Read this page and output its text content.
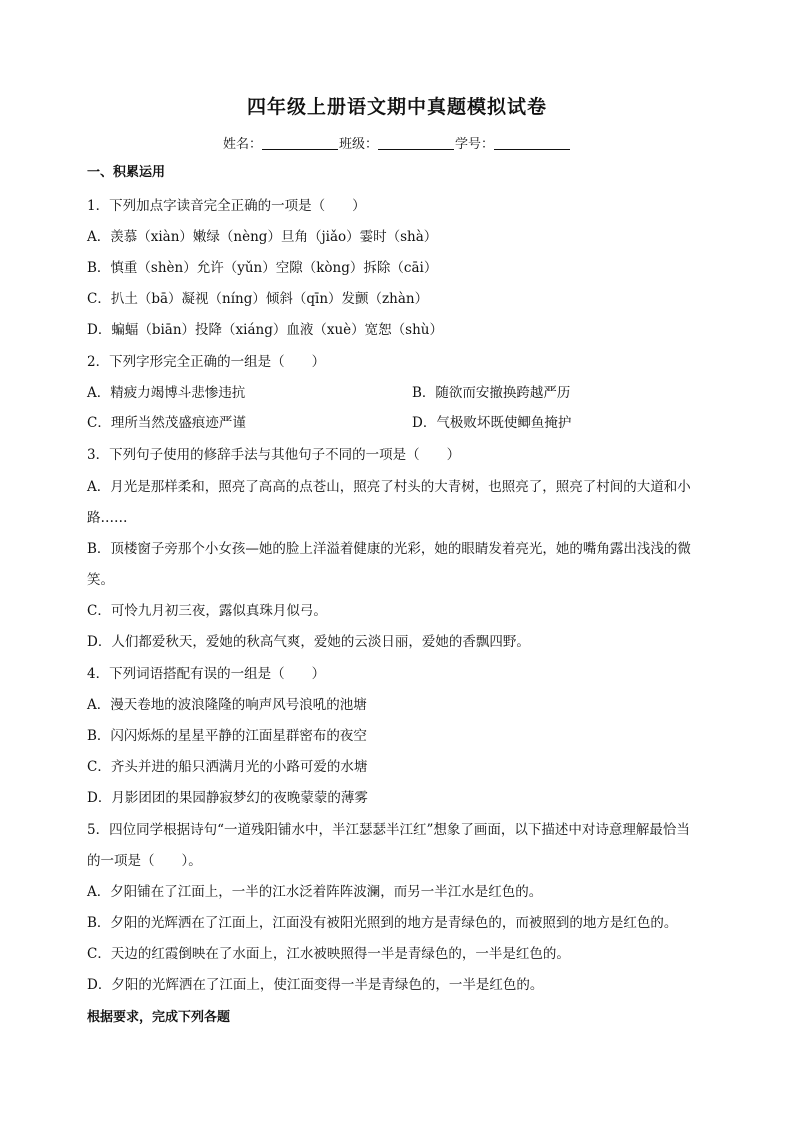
四年级上册语文期中真题模拟试卷
姓名：	班级：	学号：
一、积累运用
1．下列加点字读音完全正确的一项是（　　）
A．羡慕（xiàn）嫩绿（nèng）旦角（jiǎo）霎时（shà）
B．慎重（shèn）允许（yǔn）空隙（kòng）拆除（cāi）
C．扒土（bā）凝视（níng）倾斜（qīn）发颤（zhàn）
D．蝙蝠（biān）投降（xiáng）血液（xuè）宽恕（shù）
2．下列字形完全正确的一组是（　　）
A．精疲力竭博斗悲惨违抗	B．随欲而安撤换跨越严历
C．理所当然茂盛痕迹严谨	D．气极败坏既使鲫鱼掩护
3．下列句子使用的修辞手法与其他句子不同的一项是（　　）
A．月光是那样柔和，照亮了高高的点苍山，照亮了村头的大青树，也照亮了，照亮了村间的大道和小
路……
B．顶楼窗子旁那个小女孩—她的脸上洋溢着健康的光彩，她的眼睛发着亮光，她的嘴角露出浅浅的微
笑。
C．可怜九月初三夜，露似真珠月似弓。
D．人们都爱秋天，爱她的秋高气爽，爱她的云淡日丽，爱她的香飘四野。
4．下列词语搭配有误的一组是（　　）
A．漫天卷地的波浪隆隆的响声风号浪吼的池塘
B．闪闪烁烁的星星平静的江面星群密布的夜空
C．齐头并进的船只洒满月光的小路可爱的水塘
D．月影团团的果园静寂梦幻的夜晚蒙蒙的薄雾
5．四位同学根据诗句“一道残阳铺水中，半江瑟瑟半江红”想象了画面，以下描述中对诗意理解最恰当
的一项是（　　）。
A．夕阳铺在了江面上，一半的江水泛着阵阵波澜，而另一半江水是红色的。
B．夕阳的光辉洒在了江面上，江面没有被阳光照到的地方是青绿色的，而被照到的地方是红色的。
C．天边的红霞倒映在了水面上，江水被映照得一半是青绿色的，一半是红色的。
D．夕阳的光辉洒在了江面上，使江面变得一半是青绿色的，一半是红色的。
根据要求，完成下列各题
